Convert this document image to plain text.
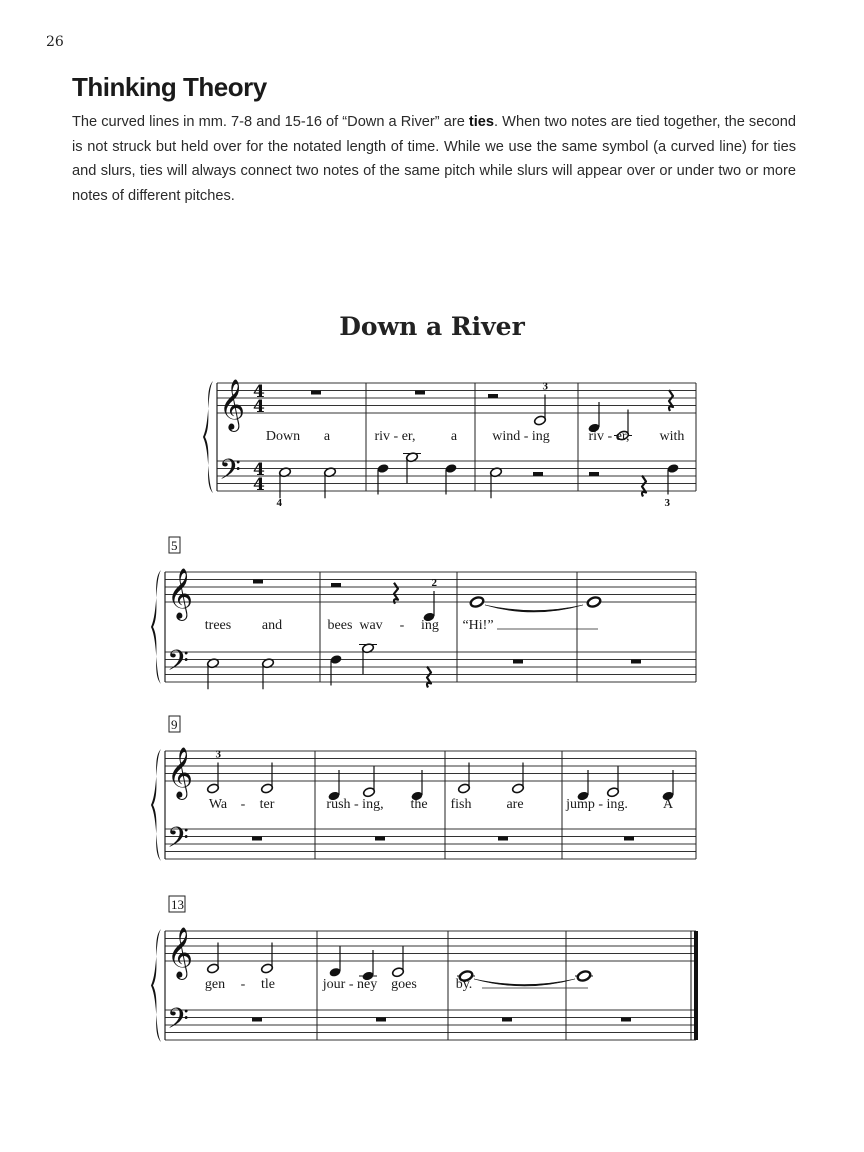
26
Thinking Theory

The curved lines in mm. 7-8 and 15-16 of “Down a River” are ties. When two notes are tied together, the second is not struck but held over for the notated length of time. While we use the same symbol (a curved line) for ties and slurs, ties will always connect two notes of the same pitch while slurs will appear over or under two or more notes of different pitches.

Down a River
𝄞
𝄢
4
4
4
4
3
4	3
Down a	riv - er,	a	wind - ing	riv - er, with
𝄞
𝄢
5
2
trees and	bees wav - ing “Hi!”
𝄞
𝄢
9
3
Wa - ter	rush - ing, the fish are	jump - ing.	A
𝄞
𝄢
13
gen - tle	jour - ney goes	by.
